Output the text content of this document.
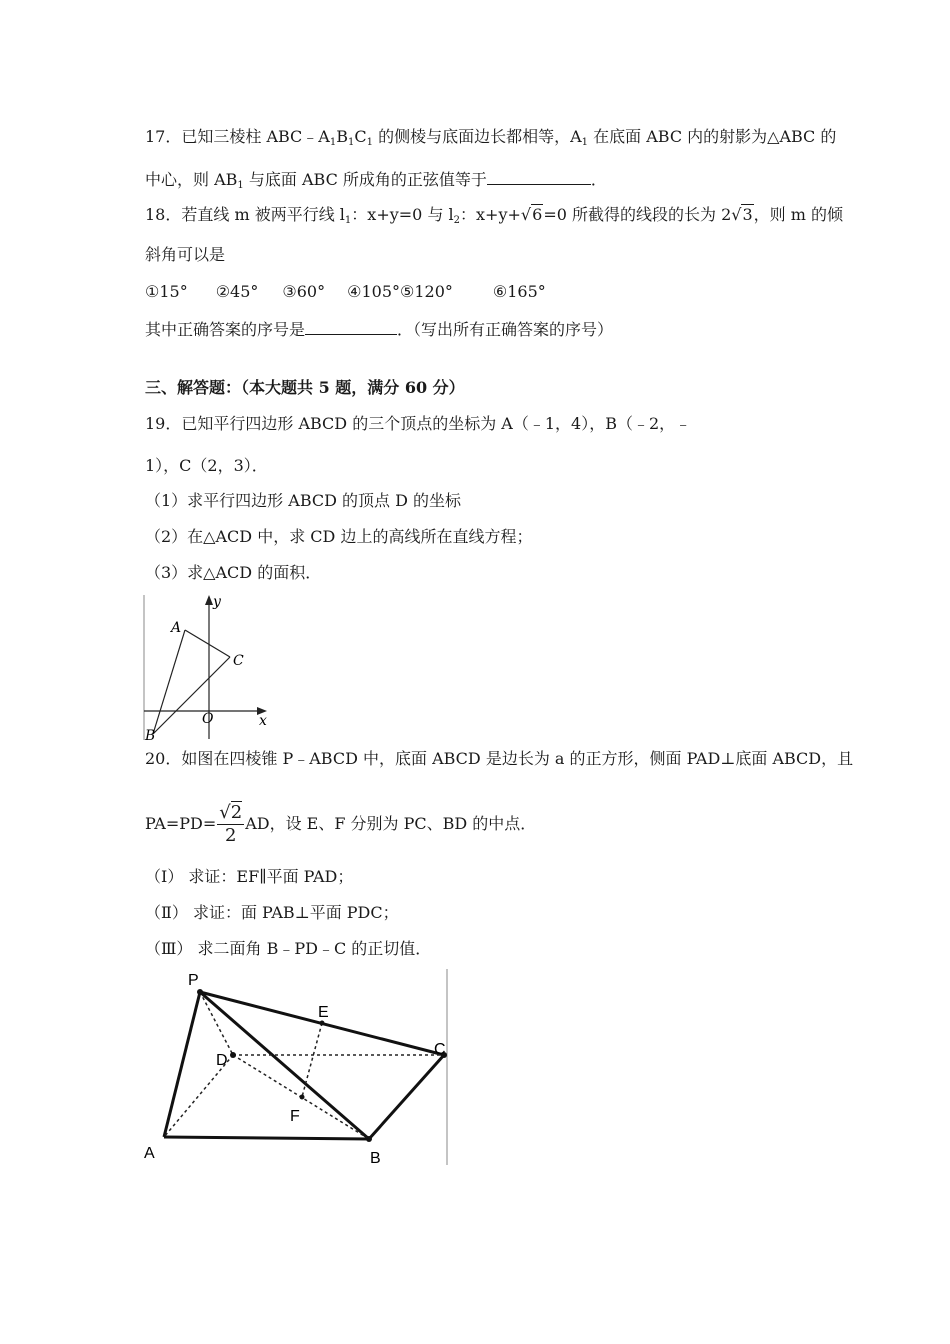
17．已知三棱柱 $ABC﹣A_1B_1C_1$ 的侧棱与底面边长都相等，$A_1$ 在底面 ABC 内的射影为△ABC 的
中心，则 $AB_1$ 与底面 ABC 所成角的正弦值等于	．
18．若直线 m 被两平行线 $l_1$：x+y=0 与 $l_2$：x+y+√6=0 所截得的线段的长为 2√3，则 m 的倾
斜角可以是
①15° ②45° ③60° ④105°⑤120°	⑥165°
其中正确答案的序号是	．（写出所有正确答案的序号）
三、解答题：（本大题共 5 题，满分 60 分）
19．已知平行四边形 ABCD 的三个顶点的坐标为 A（﹣1，4），B（﹣2，﹣
1），C（2，3）．
（1）求平行四边形 ABCD 的顶点 D 的坐标
（2）在△ACD 中，求 CD 边上的高线所在直线方程；
（3）求△ACD 的面积．
y
x
O
A
C
B
20．如图在四棱锥 P﹣ABCD 中，底面 ABCD 是边长为 a 的正方形，侧面 PAD⊥底面 ABCD，且
$PA=PD= \frac{√2}{2}$ AD，设 E、F 分别为 PC、BD 的中点．
（Ⅰ） 求证：EF∥平面 PAD；
（Ⅱ） 求证：面 PAB⊥平面 PDC；
（Ⅲ） 求二面角 B﹣PD﹣C 的正切值．
P
E
D
C
F
A	B
